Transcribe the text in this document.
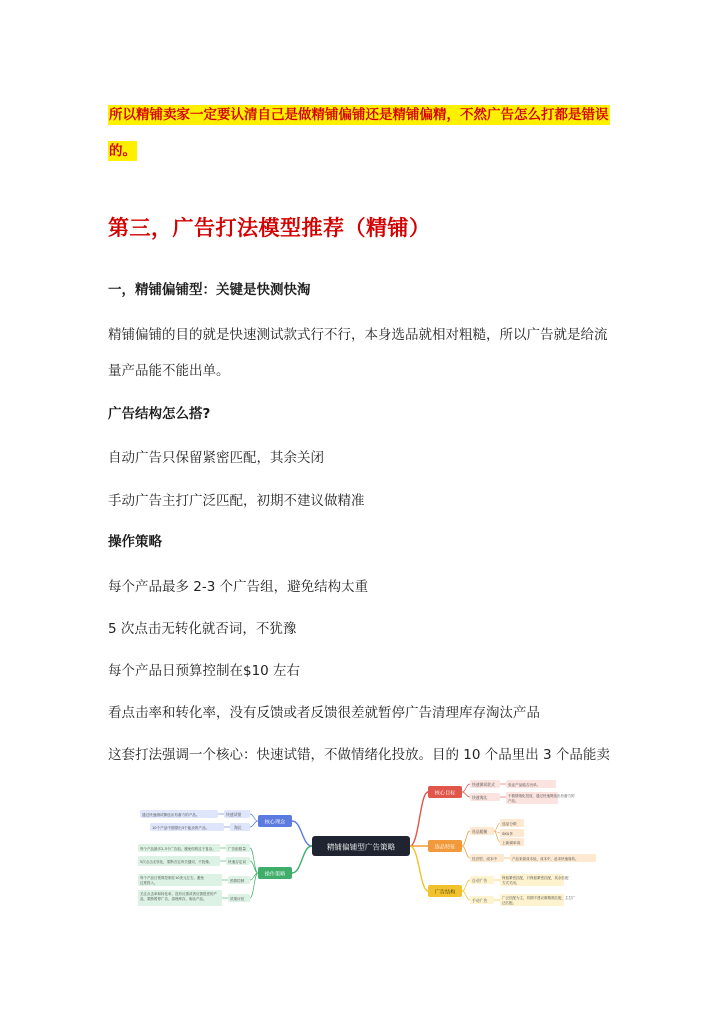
所以精铺卖家一定要认清自己是做精铺偏铺还是精铺偏精，不然广告怎么打都是错误
的。
第三，广告打法模型推荐（精铺）
一，精铺偏铺型：关键是快测快淘
精铺偏铺的目的就是快速测试款式行不行，本身选品就相对粗糙，所以广告就是给流
量产品能不能出单。
广告结构怎么搭?
自动广告只保留紧密匹配，其余关闭
手动广告主打广泛匹配，初期不建议做精准
操作策略
每个产品最多 2-3 个广告组，避免结构太重
5 次点击无转化就否词，不犹豫
每个产品日预算控制在$10 左右
看点击率和转化率，没有反馈或者反馈很差就暂停广告清理库存淘汰产品
这套打法强调一个核心：快速试错，不做情绪化投放。目的 10 个品里出 3 个品能卖
精铺偏铺型广告策略
核心目标
选品特征
广告结构
快速测试款式
快速淘汰
验证产品能否出单。
不做情绪化投放，通过快速筛选出有潜力的 产品。
选品粗糙
选品分散
SKU多
上新频率高
经济型、成本中	产品来源成本低、成本中，追求快速周转。
自动广告	保留紧密匹配，只保留紧密匹配，其余匹配 方式关闭。
手动广告	广泛匹配为主，初期不建议做精准匹配，主打广 泛匹配。
核心理念
操作策略
快速试错
淘汰
通过快速测试筛选出有潜力的产品。
10个产品中期望出3个能卖的产品。
广告组数量
快速否定词
预算控制
效果评估
每个产品最多2-3个广告组，避免结构过于复杂。
5次点击无转化，果断否定该关键词，不犹豫。
每个产品日预算控制在10美元左右，避免 过度投入。
关注点击率和转化率，没有反馈或者反馈很差的产 品，果断暂停广告，清理库存，淘汰产品。
